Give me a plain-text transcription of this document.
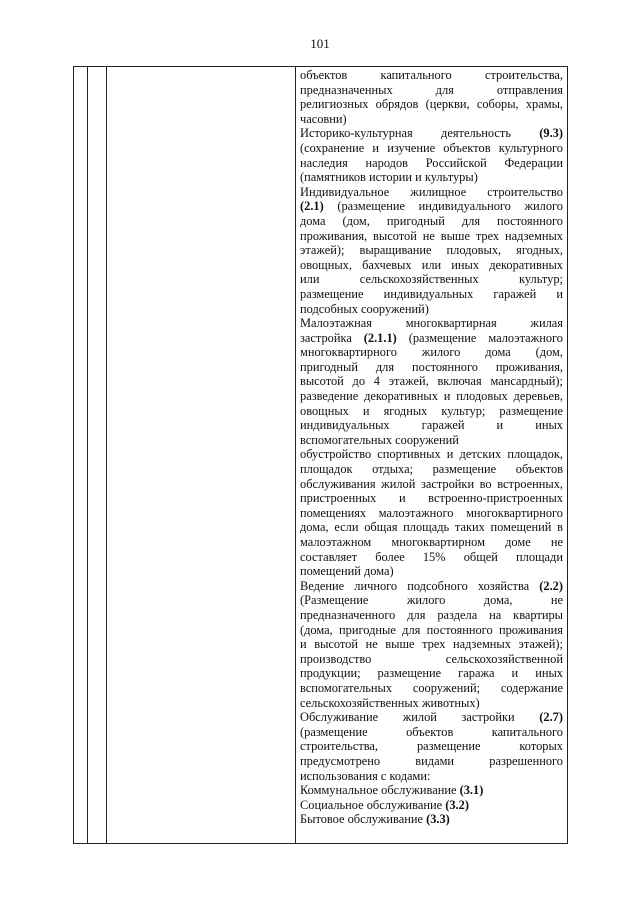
101
объектов капитального строительства,
предназначенных для отправления
религиозных обрядов (церкви, соборы, храмы,
часовни)
Историко-культурная деятельность (9.3)
(сохранение и изучение объектов культурного
наследия народов Российской Федерации
(памятников истории и культуры)
Индивидуальное жилищное строительство
(2.1) (размещение индивидуального жилого
дома (дом, пригодный для постоянного
проживания, высотой не выше трех надземных
этажей); выращивание плодовых, ягодных,
овощных, бахчевых или иных декоративных
или сельскохозяйственных культур;
размещение индивидуальных гаражей и
подсобных сооружений)
Малоэтажная многоквартирная жилая
застройка (2.1.1) (размещение малоэтажного
многоквартирного жилого дома (дом,
пригодный для постоянного проживания,
высотой до 4 этажей, включая мансардный);
разведение декоративных и плодовых деревьев,
овощных и ягодных культур; размещение
индивидуальных гаражей и иных
вспомогательных сооружений
обустройство спортивных и детских площадок,
площадок отдыха; размещение объектов
обслуживания жилой застройки во встроенных,
пристроенных и встроенно-пристроенных
помещениях малоэтажного многоквартирного
дома, если общая площадь таких помещений в
малоэтажном многоквартирном доме не
составляет более 15% общей площади
помещений дома)
Ведение личного подсобного хозяйства (2.2)
(Размещение жилого дома, не
предназначенного для раздела на квартиры
(дома, пригодные для постоянного проживания
и высотой не выше трех надземных этажей);
производство сельскохозяйственной
продукции; размещение гаража и иных
вспомогательных сооружений; содержание
сельскохозяйственных животных)
Обслуживание жилой застройки (2.7)
(размещение объектов капитального
строительства, размещение которых
предусмотрено видами разрешенного
использования с кодами:
Коммунальное обслуживание (3.1)
Социальное обслуживание (3.2)
Бытовое обслуживание (3.3)
